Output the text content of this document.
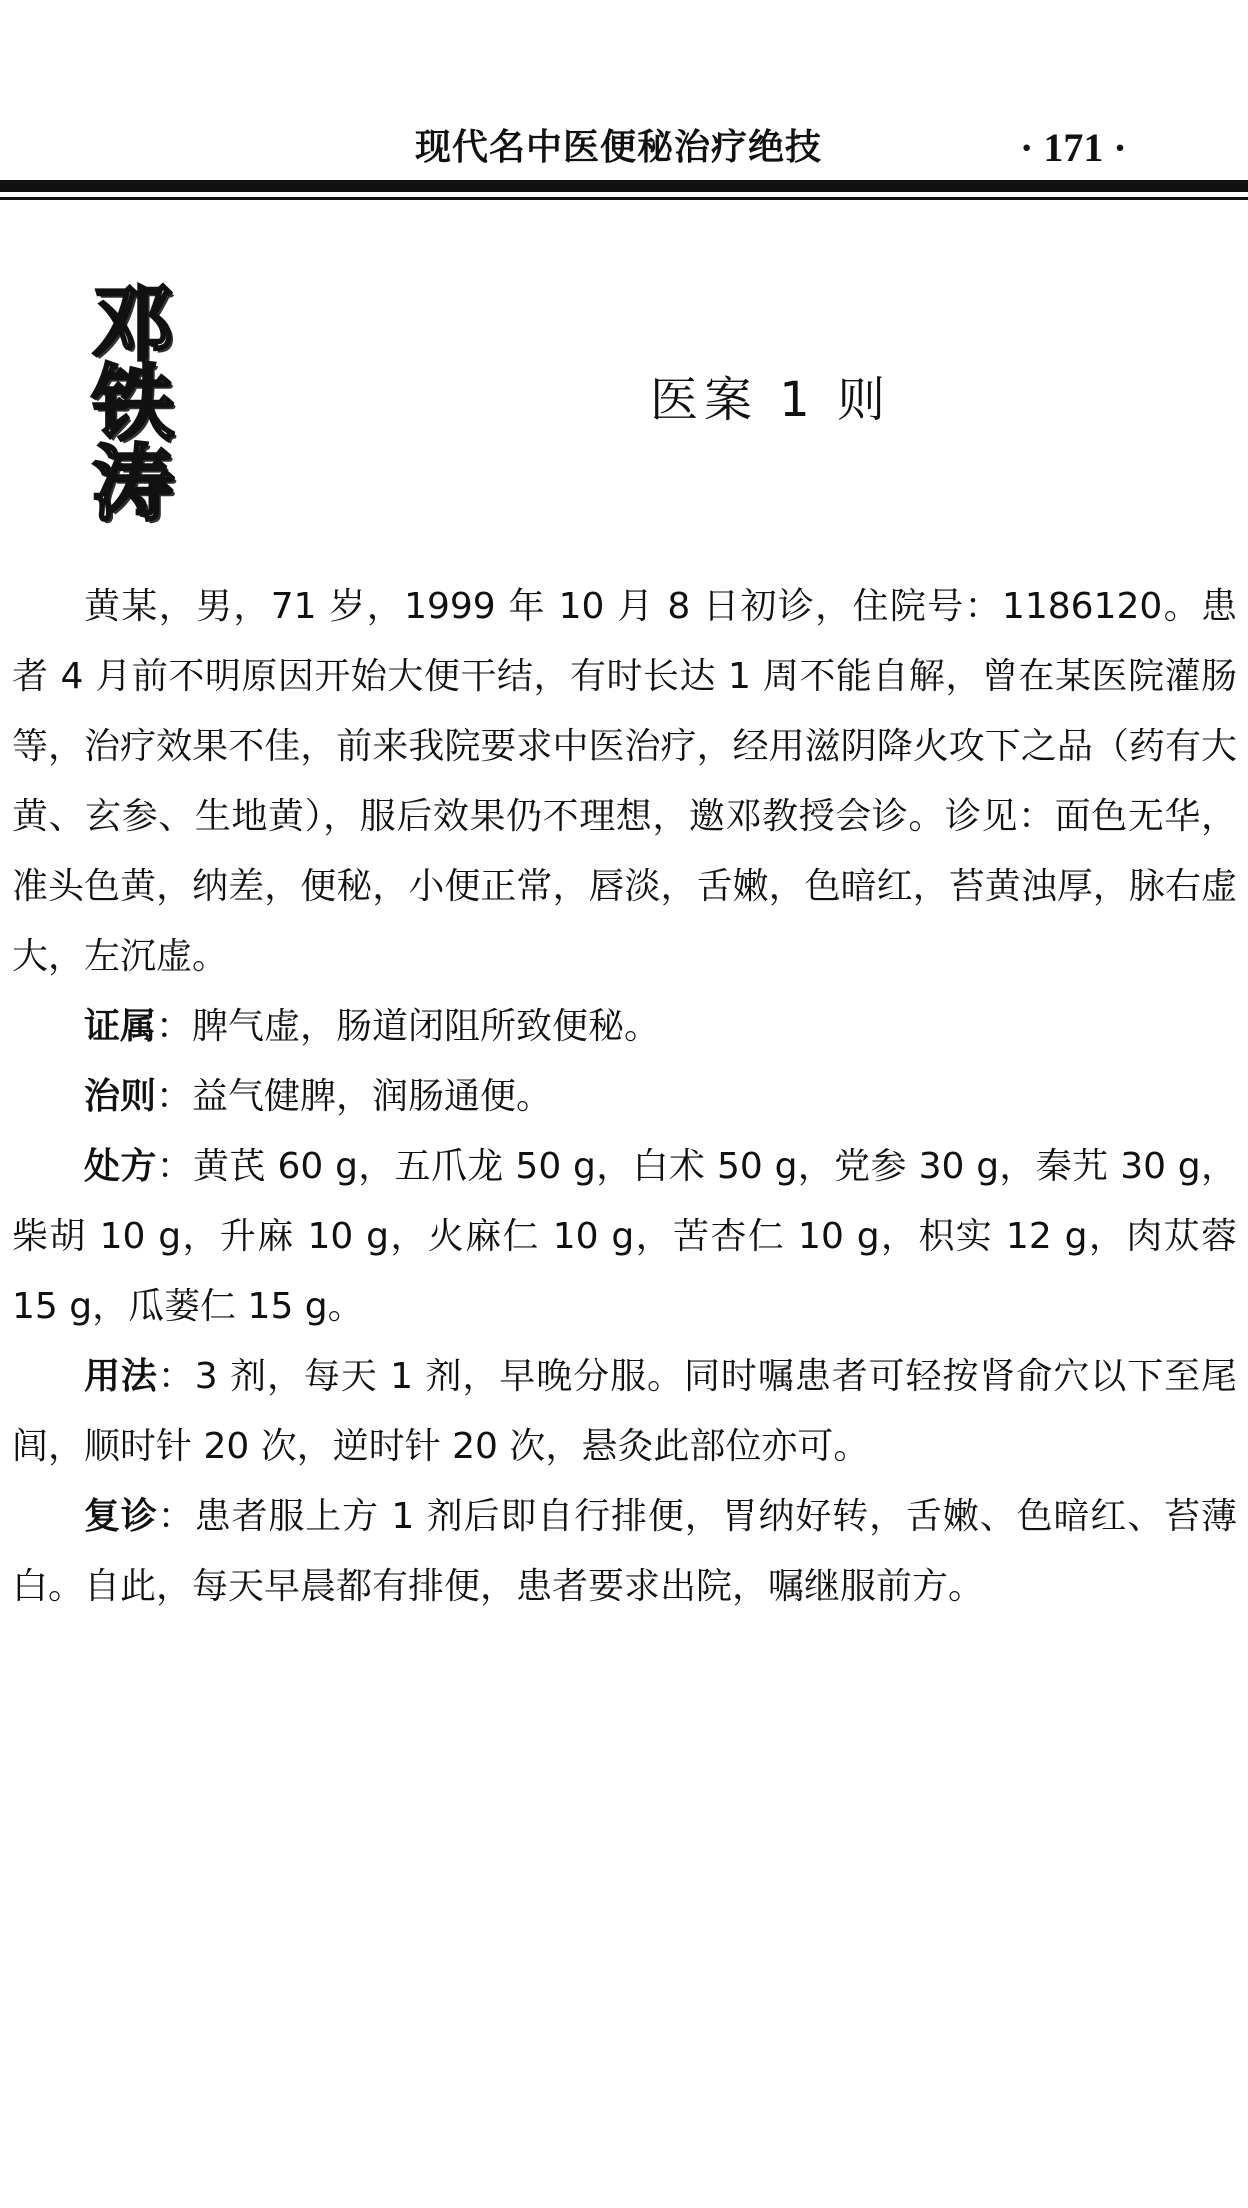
现代名中医便秘治疗绝技	· 171 ·
邓
铁
涛
医案 1 则

黄某，男，71 岁，1999 年 10 月 8 日初诊，住院号：1186120。患者 4 月前不明原因开始大便干结，有时长达 1 周不能自解，曾在某医院灌肠等，治疗效果不佳，前来我院要求中医治疗，经用滋阴降火攻下之品（药有大黄、玄参、生地黄），服后效果仍不理想，邀邓教授会诊。诊见：面色无华，准头色黄，纳差，便秘，小便正常，唇淡，舌嫩，色暗红，苔黄浊厚，脉右虚大，左沉虚。

证属：脾气虚，肠道闭阻所致便秘。

治则：益气健脾，润肠通便。

处方：黄芪 60 g，五爪龙 50 g，白术 50 g，党参 30 g，秦艽 30 g，柴胡 10 g，升麻 10 g，火麻仁 10 g，苦杏仁 10 g，枳实 12 g，肉苁蓉 15 g，瓜蒌仁 15 g。

用法：3 剂，每天 1 剂，早晚分服。同时嘱患者可轻按肾俞穴以下至尾闾，顺时针 20 次，逆时针 20 次，悬灸此部位亦可。

复诊：患者服上方 1 剂后即自行排便，胃纳好转，舌嫩、色暗红、苔薄白。自此，每天早晨都有排便，患者要求出院，嘱继服前方。
